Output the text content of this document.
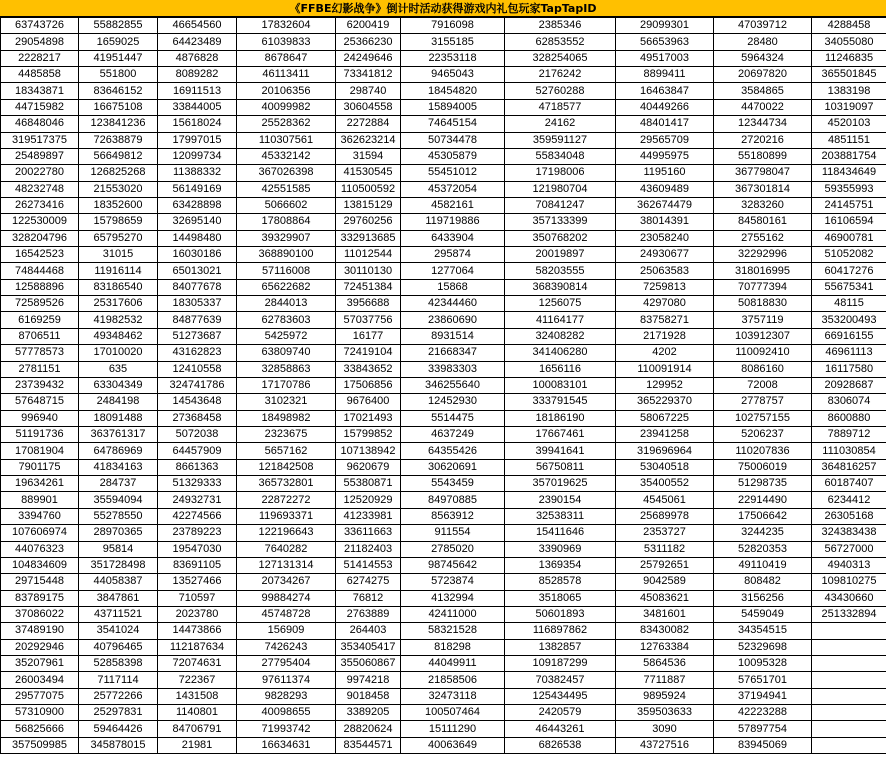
《FFBE幻影战争》倒计时活动获得游戏内礼包玩家TapTapID
63743726	55882855	46654560	17832604	6200419	7916098	2385346	29099301	47039712	4288458
29054898	1659025	64423489	61039833	25366230	3155185	62853552	56653963	28480	34055080
2228217	41951447	4876828	8678647	24249646	22353118	328254065	49517003	5964324	11246835
4485858	551800	8089282	46113411	73341812	9465043	2176242	8899411	20697820	365501845
18343871	83646152	16911513	20106356	298740	18454820	52760288	16463847	3584865	1383198
44715982	16675108	33844005	40099982	30604558	15894005	4718577	40449266	4470022	10319097
46848046	123841236	15618024	25528362	2272884	74645154	24162	48401417	12344734	4520103
319517375	72638879	17997015	110307561	362623214	50734478	359591127	29565709	2720216	4851151
25489897	56649812	12099734	45332142	31594	45305879	55834048	44995975	55180899	203881754
20022780	126825268	11388332	367026398	41530545	55451012	17198006	1195160	367798047	118434649
48232748	21553020	56149169	42551585	110500592	45372054	121980704	43609489	367301814	59355993
26273416	18352600	63428898	5066602	13815129	4582161	70841247	362674479	3283260	24145751
122530009	15798659	32695140	17808864	29760256	119719886	357133399	38014391	84580161	16106594
328204796	65795270	14498480	39329907	332913685	6433904	350768202	23058240	2755162	46900781
16542523	31015	16030186	368890100	11012544	295874	20019897	24930677	32292996	51052082
74844468	11916114	65013021	57116008	30110130	1277064	58203555	25063583	318016995	60417276
12588896	83186540	84077678	65622682	72451384	15868	368390814	7259813	70777394	55675341
72589526	25317606	18305337	2844013	3956688	42344460	1256075	4297080	50818830	48115
6169259	41982532	84877639	62783603	57037756	23860690	41164177	83758271	3757119	353200493
8706511	49348462	51273687	5425972	16177	8931514	32408282	2171928	103912307	66916155
57778573	17010020	43162823	63809740	72419104	21668347	341406280	4202	110092410	46961113
2781151	635	12410558	32858863	33843652	33983303	1656116	110091914	8086160	16117580
23739432	63304349	324741786	17170786	17506856	346255640	100083101	129952	72008	20928687
57648715	2484198	14543648	3102321	9676400	12452930	333791545	365229370	2778757	8306074
996940	18091488	27368458	18498982	17021493	5514475	18186190	58067225	102757155	8600880
51191736	363761317	5072038	2323675	15799852	4637249	17667461	23941258	5206237	7889712
17081904	64786969	64457909	5657162	107138942	64355426	39941641	319696964	110207836	111030854
7901175	41834163	8661363	121842508	9620679	30620691	56750811	53040518	75006019	364816257
19634261	284737	51329333	365732801	55380871	5543459	357019625	35400552	51298735	60187407
889901	35594094	24932731	22872272	12520929	84970885	2390154	4545061	22914490	6234412
3394760	55278550	42274566	119693371	41233981	8563912	32538311	25689978	17506642	26305168
107606974	28970365	23789223	122196643	33611663	911554	15411646	2353727	3244235	324383438
44076323	95814	19547030	7640282	21182403	2785020	3390969	5311182	52820353	56727000
104834609	351728498	83691105	127131314	51414553	98745642	1369354	25792651	49110419	4940313
29715448	44058387	13527466	20734267	6274275	5723874	8528578	9042589	808482	109810275
83789175	3847861	710597	99884274	76812	4132994	3518065	45083621	3156256	43430660
37086022	43711521	2023780	45748728	2763889	42411000	50601893	3481601	5459049	251332894
37489190	3541024	14473866	156909	264403	58321528	116897862	83430082	34354515	
20292946	40796465	112187634	7426243	353405417	818298	1382857	12763384	52329698	
35207961	52858398	72074631	27795404	355060867	44049911	109187299	5864536	10095328	
26003494	7117114	722367	97611374	9974218	21858506	70382457	7711887	57651701	
29577075	25772266	1431508	9828293	9018458	32473118	125434495	9895924	37194941	
57310900	25297831	1140801	40098655	3389205	100507464	2420579	359503633	42223288	
56825666	59464426	84706791	71993742	28820624	15111290	46443261	3090	57897754	
357509985	345878015	21981	16634631	83544571	40063649	6826538	43727516	83945069	
